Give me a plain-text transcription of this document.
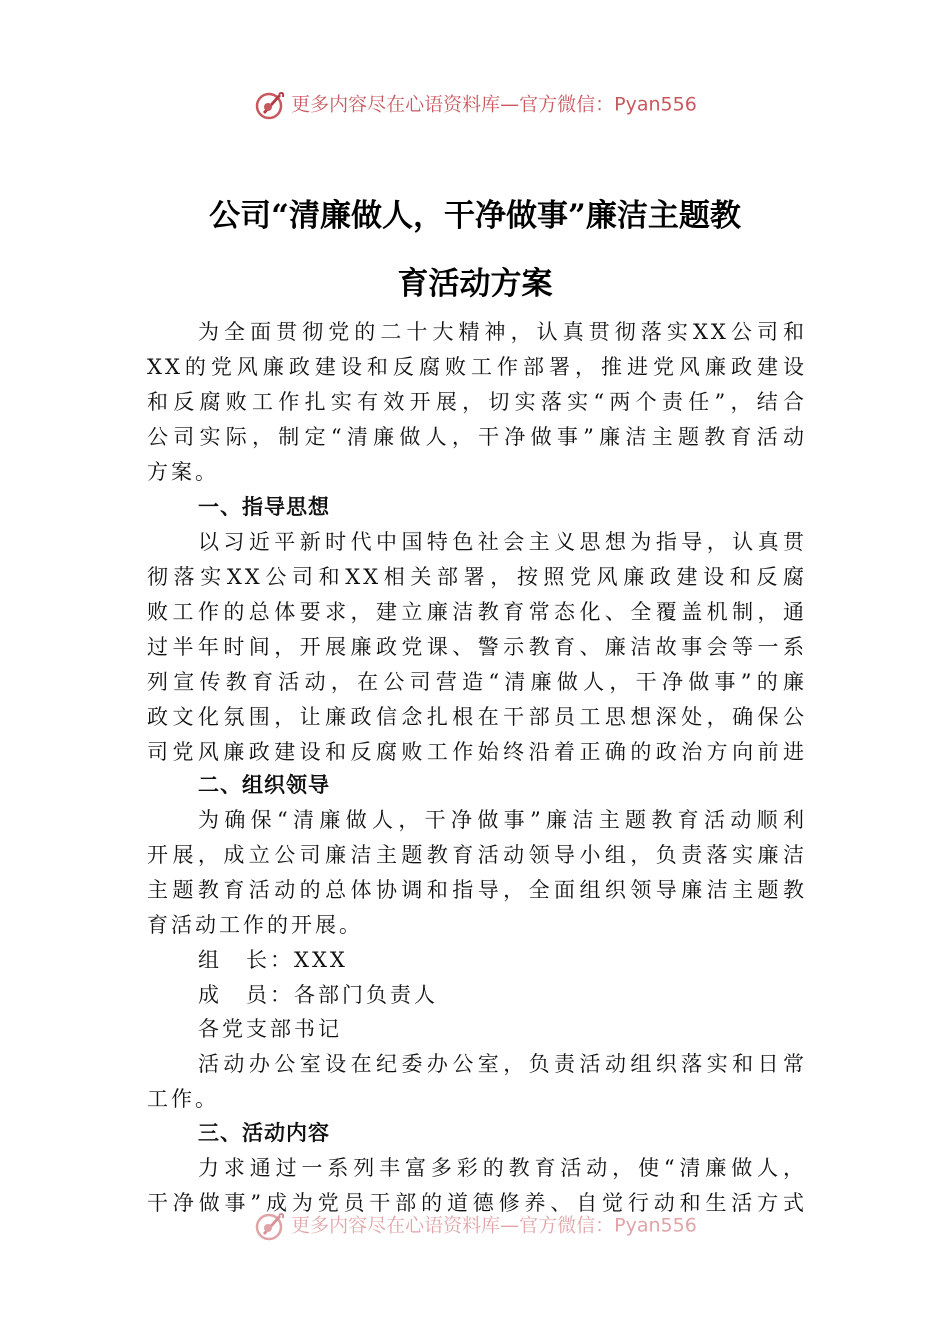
更多内容尽在心语资料库—官方微信：Pyan556
公司“清廉做人，干净做事”廉洁主题教
育活动方案
为全面贯彻党的二十大精神，认真贯彻落实XX公司和
XX的党风廉政建设和反腐败工作部署，推进党风廉政建设
和反腐败工作扎实有效开展，切实落实“两个责任”，结合
公司实际，制定“清廉做人，干净做事”廉洁主题教育活动
方案。
一、指导思想
以习近平新时代中国特色社会主义思想为指导，认真贯
彻落实XX公司和XX相关部署，按照党风廉政建设和反腐
败工作的总体要求，建立廉洁教育常态化、全覆盖机制，通
过半年时间，开展廉政党课、警示教育、廉洁故事会等一系
列宣传教育活动，在公司营造“清廉做人，干净做事”的廉
政文化氛围，让廉政信念扎根在干部员工思想深处，确保公
司党风廉政建设和反腐败工作始终沿着正确的政治方向前进
二、组织领导
为确保“清廉做人，干净做事”廉洁主题教育活动顺利
开展，成立公司廉洁主题教育活动领导小组，负责落实廉洁
主题教育活动的总体协调和指导，全面组织领导廉洁主题教
育活动工作的开展。
组　长：XXX
成　员：各部门负责人
各党支部书记
活动办公室设在纪委办公室，负责活动组织落实和日常
工作。
三、活动内容
力求通过一系列丰富多彩的教育活动，使“清廉做人，
干净做事”成为党员干部的道德修养、自觉行动和生活方式
更多内容尽在心语资料库—官方微信：Pyan556
